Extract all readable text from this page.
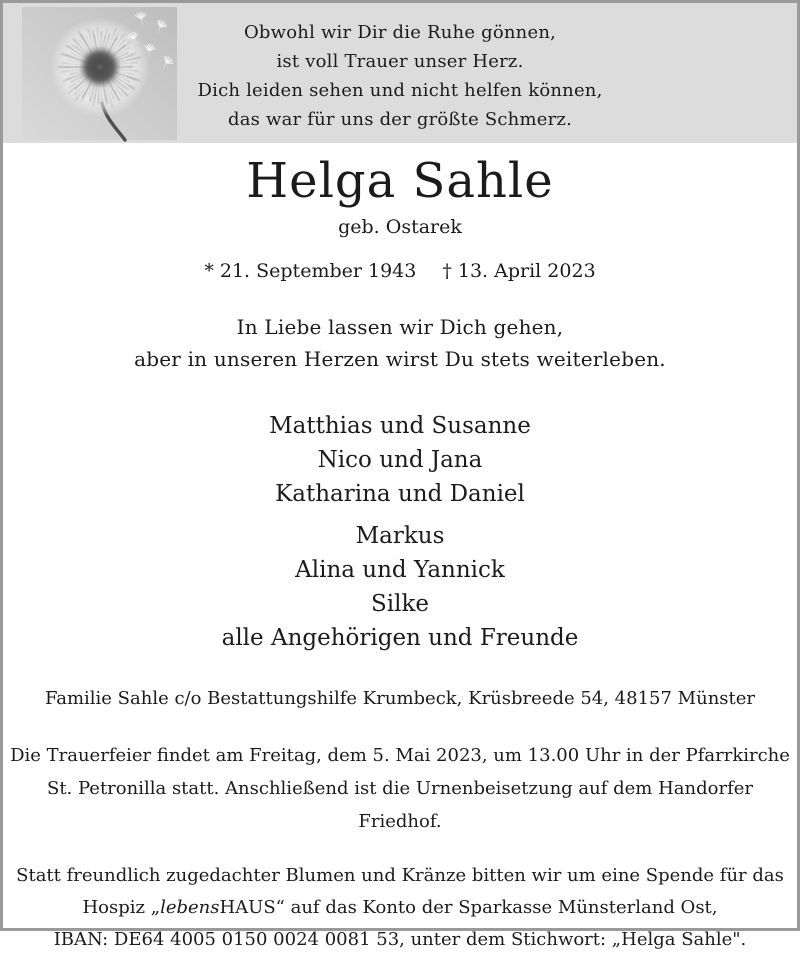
Obwohl wir Dir die Ruhe gönnen,
ist voll Trauer unser Herz.
Dich leiden sehen und nicht helfen können,
das war für uns der größte Schmerz.
Helga Sahle
geb. Ostarek
* 21. September 1943 † 13. April 2023
In Liebe lassen wir Dich gehen,
aber in unseren Herzen wirst Du stets weiterleben.
Matthias und Susanne
Nico und Jana
Katharina und Daniel
Markus
Alina und Yannick
Silke
alle Angehörigen und Freunde
Familie Sahle c/o Bestattungshilfe Krumbeck, Krüsbreede 54, 48157 Münster
Die Trauerfeier findet am Freitag, dem 5. Mai 2023, um 13.00 Uhr in der Pfarrkirche
St. Petronilla statt. Anschließend ist die Urnenbeisetzung auf dem Handorfer Friedhof.
Statt freundlich zugedachter Blumen und Kränze bitten wir um eine Spende für das
Hospiz „lebensHAUS“ auf das Konto der Sparkasse Münsterland Ost,
IBAN: DE64 4005 0150 0024 0081 53, unter dem Stichwort: „Helga Sahle".
